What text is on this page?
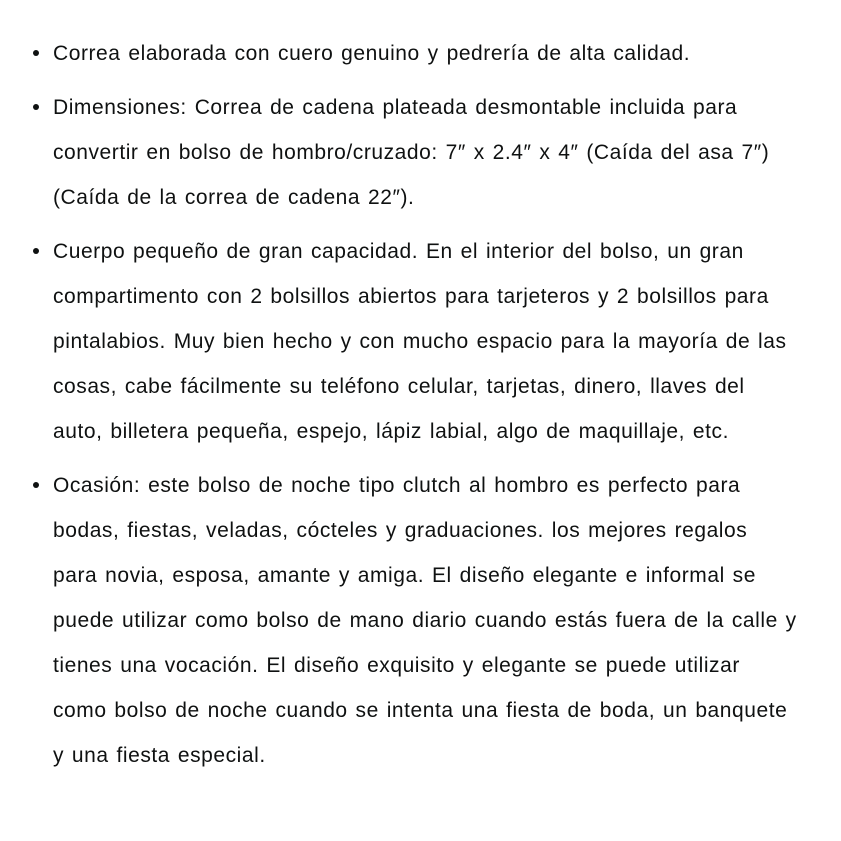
Correa elaborada con cuero genuino y pedrería de alta calidad.
Dimensiones: Correa de cadena plateada desmontable incluida para convertir en bolso de hombro/cruzado: 7″ x 2.4″ x 4″ (Caída del asa 7″) (Caída de la correa de cadena 22″).
Cuerpo pequeño de gran capacidad. En el interior del bolso, un gran compartimento con 2 bolsillos abiertos para tarjeteros y 2 bolsillos para pintalabios. Muy bien hecho y con mucho espacio para la mayoría de las cosas, cabe fácilmente su teléfono celular, tarjetas, dinero, llaves del auto, billetera pequeña, espejo, lápiz labial, algo de maquillaje, etc.
Ocasión: este bolso de noche tipo clutch al hombro es perfecto para bodas, fiestas, veladas, cócteles y graduaciones. los mejores regalos para novia, esposa, amante y amiga. El diseño elegante e informal se puede utilizar como bolso de mano diario cuando estás fuera de la calle y tienes una vocación. El diseño exquisito y elegante se puede utilizar como bolso de noche cuando se intenta una fiesta de boda, un banquete y una fiesta especial.
